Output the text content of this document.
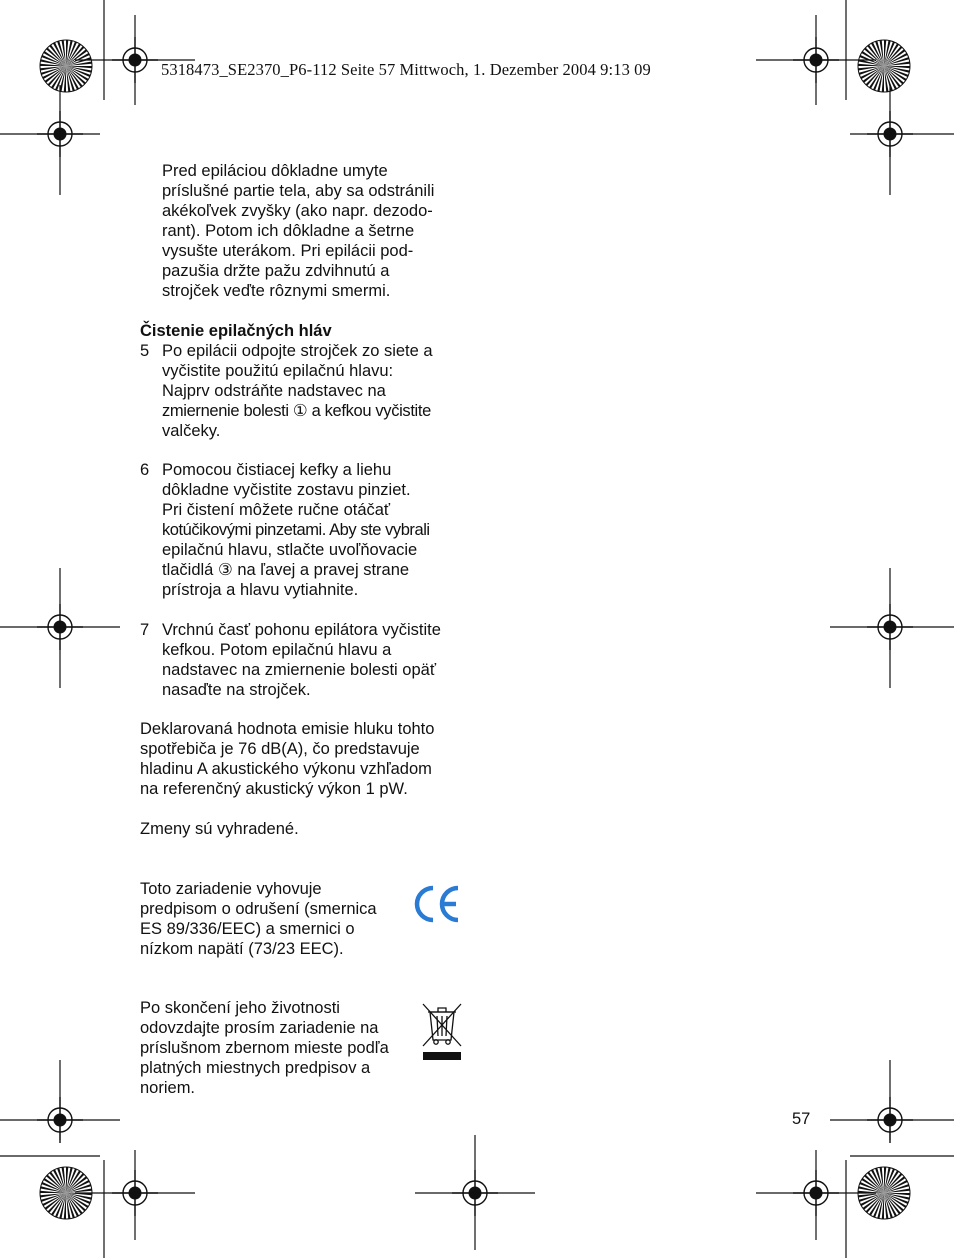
5318473_SE2370_P6-112 Seite 57 Mittwoch, 1. Dezember 2004 9:13 09
Pred epiláciou dôkladne umyte
príslušné partie tela, aby sa odstránili
akékoľvek zvyšky (ako napr. dezodo-
rant). Potom ich dôkladne a šetrne
vysušte uterákom. Pri epilácii pod-
pazušia držte pažu zdvihnutú a
strojček veďte rôznymi smermi.
Čistenie epilačných hláv
5 Po epilácii odpojte strojček zo siete a
vyčistite použitú epilačnú hlavu:
Najprv odstráňte nadstavec na
zmiernenie bolesti ① a kefkou vyčistite
valčeky.
6 Pomocou čistiacej kefky a liehu
dôkladne vyčistite zostavu pinziet.
Pri čistení môžete ručne otáčať
kotúčikovými pinzetami. Aby ste vybrali
epilačnú hlavu, stlačte uvoľňovacie
tlačidlá ③ na ľavej a pravej strane
prístroja a hlavu vytiahnite.
7 Vrchnú časť pohonu epilátora vyčistite
kefkou. Potom epilačnú hlavu a
nadstavec na zmiernenie bolesti opäť
nasaďte na strojček.
Deklarovaná hodnota emisie hluku tohto
spotřebiča je 76 dB(A), čo predstavuje
hladinu A akustického výkonu vzhľadom
na referenčný akustický výkon 1 pW.
Zmeny sú vyhradené.
Toto zariadenie vyhovuje
predpisom o odrušení (smernica
ES 89/336/EEC) a smernici o
nízkom napätí (73/23 EEC).
Po skončení jeho životnosti
odovzdajte prosím zariadenie na
príslušnom zbernom mieste podľa
platných miestnych predpisov a
noriem.
57
